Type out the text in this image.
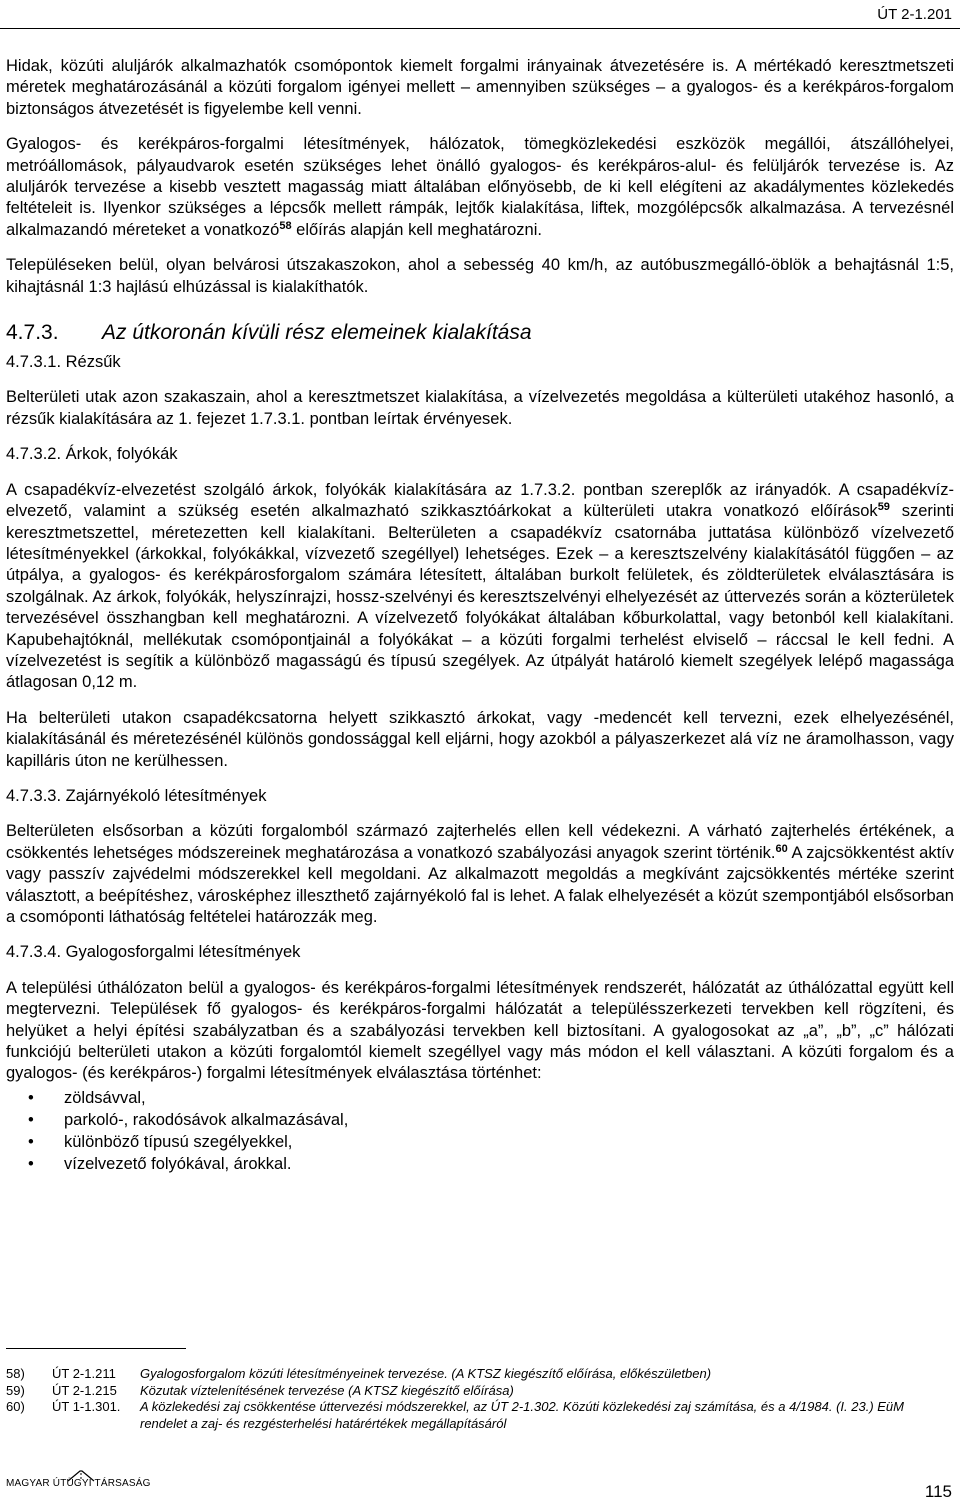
ÚT 2-1.201

Hidak, közúti aluljárók alkalmazhatók csomópontok kiemelt forgalmi irányainak átvezetésére is. A mértékadó keresztmetszeti méretek meghatározásánál a közúti forgalom igényei mellett – amennyiben szükséges – a gyalogos- és a kerékpáros-forgalom biztonságos átvezetését is figyelembe kell venni.

Gyalogos- és kerékpáros-forgalmi létesítmények, hálózatok, tömegközlekedési eszközök megállói, átszállóhelyei, metróállomások, pályaudvarok esetén szükséges lehet önálló gyalogos- és kerékpáros-alul- és felüljárók tervezése is. Az aluljárók tervezése a kisebb vesztett magasság miatt általában előnyösebb, de ki kell elégíteni az akadálymentes közlekedés feltételeit is. Ilyenkor szükséges a lépcsők mellett rámpák, lejtők kialakítása, liftek, mozgólépcsők alkalmazása. A tervezésnél alkalmazandó méreteket a vonatkozó$^{58}$ előírás alapján kell meghatározni.

Településeken belül, olyan belvárosi útszakaszokon, ahol a sebesség 40 km/h, az autóbuszmegálló-öblök a behajtásnál 1:5, kihajtásnál 1:3 hajlású elhúzással is kialakíthatók.

4.7.3. Az útkoronán kívüli rész elemeinek kialakítása
4.7.3.1. Rézsűk

Belterületi utak azon szakaszain, ahol a keresztmetszet kialakítása, a vízelvezetés megoldása a külterületi utakéhoz hasonló, a rézsűk kialakítására az 1. fejezet 1.7.3.1. pontban leírtak érvényesek.

4.7.3.2. Árkok, folyókák

A csapadékvíz-elvezetést szolgáló árkok, folyókák kialakítására az 1.7.3.2. pontban szereplők az irányadók. A csapadékvíz-elvezető, valamint a szükség esetén alkalmazható szikkasztóárkokat a külterületi utakra vonatkozó előírások$^{59}$ szerinti keresztmetszettel, méretezetten kell kialakítani. Belterületen a csapadékvíz csatornába juttatása különböző vízelvezető létesítményekkel (árkokkal, folyókákkal, vízvezető szegéllyel) lehetséges. Ezek – a keresztszelvény kialakításától függően – az útpálya, a gyalogos- és kerékpárosforgalom számára létesített, általában burkolt felületek, és zöldterületek elválasztására is szolgálnak. Az árkok, folyókák, helyszínrajzi, hossz-szelvényi és keresztszelvényi elhelyezését az úttervezés során a közterületek tervezésével összhangban kell meghatározni. A vízelvezető folyókákat általában kőburkolattal, vagy betonból kell kialakítani. Kapubehajtóknál, mellékutak csomópontjainál a folyókákat – a közúti forgalmi terhelést elviselő – ráccsal le kell fedni. A vízelvezetést is segítik a különböző magasságú és típusú szegélyek. Az útpályát határoló kiemelt szegélyek lelépő magassága átlagosan 0,12 m.

Ha belterületi utakon csapadékcsatorna helyett szikkasztó árkokat, vagy -medencét kell tervezni, ezek elhelyezésénél, kialakításánál és méretezésénél különös gondossággal kell eljárni, hogy azokból a pályaszerkezet alá víz ne áramolhasson, vagy kapilláris úton ne kerülhessen.

4.7.3.3. Zajárnyékoló létesítmények

Belterületen elsősorban a közúti forgalomból származó zajterhelés ellen kell védekezni. A várható zajterhelés értékének, a csökkentés lehetséges módszereinek meghatározása a vonatkozó szabályozási anyagok szerint történik.$^{60}$ A zajcsökkentést aktív vagy passzív zajvédelmi módszerekkel kell megoldani. Az alkalmazott megoldás a megkívánt zajcsökkentés mértéke szerint választott, a beépítéshez, városképhez illeszthető zajárnyékoló fal is lehet. A falak elhelyezését a közút szempontjából elsősorban a csomóponti láthatóság feltételei határozzák meg.

4.7.3.4. Gyalogosforgalmi létesítmények

A települési úthálózaton belül a gyalogos- és kerékpáros-forgalmi létesítmények rendszerét, hálózatát az úthálózattal együtt kell megtervezni. Települések fő gyalogos- és kerékpáros-forgalmi hálózatát a településszerkezeti tervekben kell rögzíteni, és helyüket a helyi építési szabályzatban és a szabályozási tervekben kell biztosítani. A gyalogosokat az „a”, „b”, „c” hálózati funkciójú belterületi utakon a közúti forgalomtól kiemelt szegéllyel vagy más módon el kell választani. A közúti forgalom és a gyalogos- (és kerékpáros-) forgalmi létesítmények elválasztása történhet:

• zöldsávval,
• parkoló-, rakodósávok alkalmazásával,
• különböző típusú szegélyekkel,
• vízelvezető folyókával, árokkal.
58)	ÚT 2-1.211	Gyalogosforgalom közúti létesítményeinek tervezése. (A KTSZ kiegészítő előírása, előkészületben)
59)	ÚT 2-1.215	Közutak víztelenítésének tervezése (A KTSZ kiegészítő előírása)
60)	ÚT 1-1.301.	A közlekedési zaj csökkentése úttervezési módszerekkel, az ÚT 2-1.302. Közúti közlekedési zaj számítása, és a 4/1984. (I. 23.) EüM rendelet a zaj- és rezgésterhelési határértékek megállapításáról
MAGYAR ÚTÜGYI TÁRSASÁG	115
